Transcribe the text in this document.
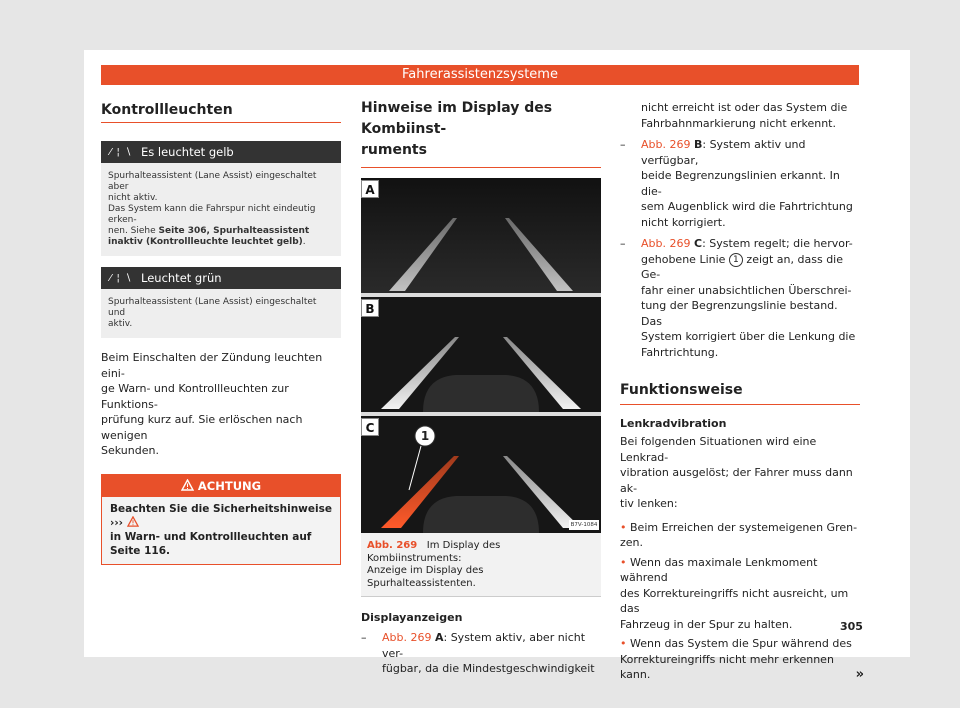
Fahrerassistenzsysteme
Kontrollleuchten
⁄ ¦ ∖ Es leuchtet gelb
Spurhalteassistent (Lane Assist) eingeschaltet aber
nicht aktiv.
Das System kann die Fahrspur nicht eindeutig erken-
nen. Siehe Seite 306, Spurhalteassistent inaktiv (Kontrollleuchte leuchtet gelb).
⁄ ¦ ∖ Leuchtet grün
Spurhalteassistent (Lane Assist) eingeschaltet und
aktiv.
Beim Einschalten der Zündung leuchten eini-
ge Warn- und Kontrollleuchten zur Funktions-
prüfung kurz auf. Sie erlöschen nach wenigen
Sekunden.
ACHTUNG
Beachten Sie die Sicherheitshinweise ›››
in Warn- und Kontrollleuchten auf Seite 116.
Hinweise im Display des Kombiinst-
ruments
A
B
C
1
B7V-1084
Abb. 269 Im Display des Kombiinstruments:
Anzeige im Display des Spurhalteassistenten.
Displayanzeigen
– Abb. 269 A: System aktiv, aber nicht ver-
fügbar, da die Mindestgeschwindigkeit
nicht erreicht ist oder das System die
Fahrbahnmarkierung nicht erkennt.
– Abb. 269 B: System aktiv und verfügbar,
beide Begrenzungslinien erkannt. In die-
sem Augenblick wird die Fahrtrichtung
nicht korrigiert.
– Abb. 269 C: System regelt; die hervor-
gehobene Linie 1 zeigt an, dass die Ge-
fahr einer unabsichtlichen Überschrei-
tung der Begrenzungslinie bestand. Das
System korrigiert über die Lenkung die
Fahrtrichtung.
Funktionsweise
Lenkradvibration
Bei folgenden Situationen wird eine Lenkrad-
vibration ausgelöst; der Fahrer muss dann ak-
tiv lenken:
• Beim Erreichen der systemeigenen Gren-
zen.
• Wenn das maximale Lenkmoment während
des Korrektureingriffs nicht ausreicht, um das
Fahrzeug in der Spur zu halten.
• Wenn das System die Spur während des
Korrektureingriffs nicht mehr erkennen kann.	»
305
